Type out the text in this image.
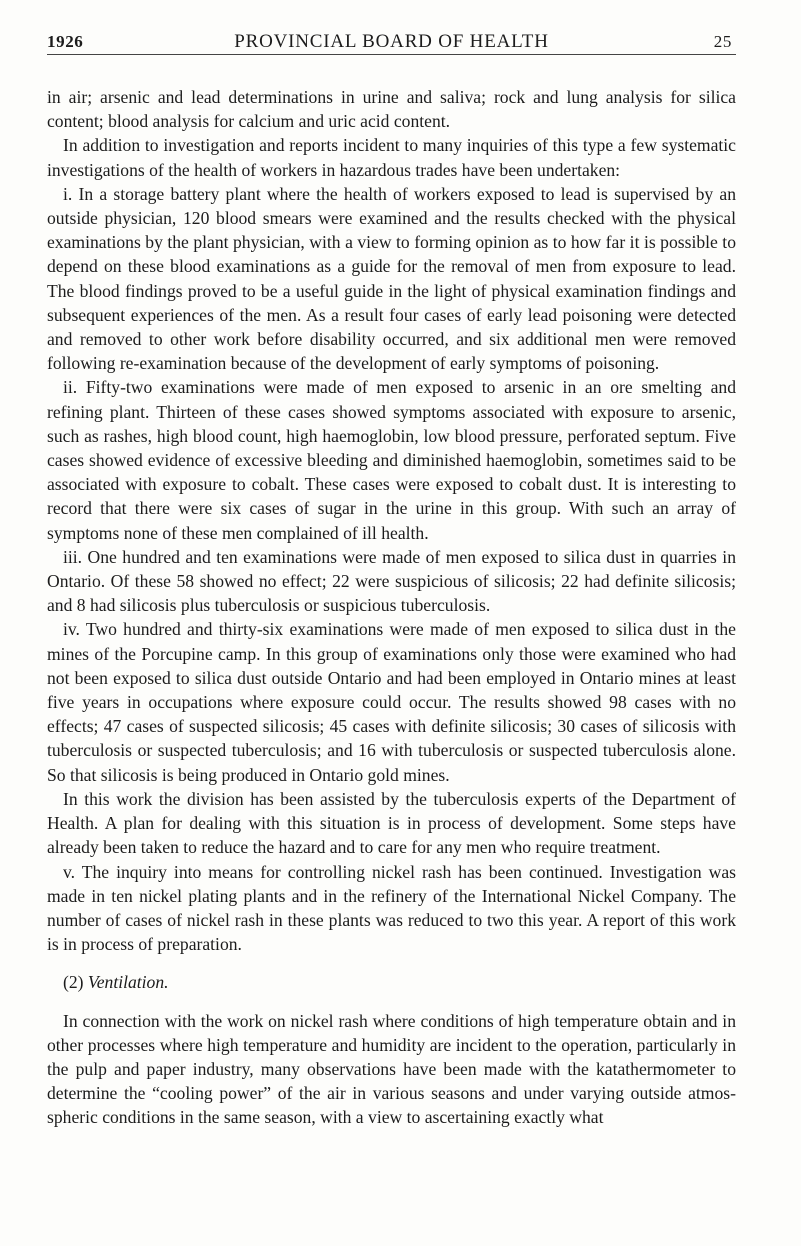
1926	PROVINCIAL BOARD OF HEALTH	25

in air; arsenic and lead determinations in urine and saliva; rock and lung analysis for silica content; blood analysis for calcium and uric acid content.

In addition to investigation and reports incident to many inquiries of this type a few systematic investigations of the health of workers in hazardous trades have been undertaken:

i. In a storage battery plant where the health of workers exposed to lead is supervised by an outside physician, 120 blood smears were examined and the results checked with the physical examinations by the plant physician, with a view to forming opinion as to how far it is possible to depend on these blood examinations as a guide for the removal of men from exposure to lead. The blood findings proved to be a useful guide in the light of physical examination findings and subsequent experiences of the men. As a result four cases of early lead poisoning were detected and removed to other work before disability occurred, and six additional men were removed following re-examination because of the development of early symptoms of poisoning.

ii. Fifty-two examinations were made of men exposed to arsenic in an ore smelting and refining plant. Thirteen of these cases showed symptoms associated with exposure to arsenic, such as rashes, high blood count, high haemoglobin, low blood pressure, perforated septum. Five cases showed evidence of excessive bleeding and diminished haemoglobin, sometimes said to be associated with exposure to cobalt. These cases were exposed to cobalt dust. It is interesting to record that there were six cases of sugar in the urine in this group. With such an array of symptoms none of these men complained of ill health.

iii. One hundred and ten examinations were made of men exposed to silica dust in quarries in Ontario. Of these 58 showed no effect; 22 were suspicious of silicosis; 22 had definite silicosis; and 8 had silicosis plus tuberculosis or suspicious tuberculosis.

iv. Two hundred and thirty-six examinations were made of men exposed to silica dust in the mines of the Porcupine camp. In this group of examinations only those were examined who had not been exposed to silica dust outside Ontario and had been employed in Ontario mines at least five years in occupations where exposure could occur. The results showed 98 cases with no effects; 47 cases of suspected silicosis; 45 cases with definite silicosis; 30 cases of silicosis with tuberculosis or suspected tuberculosis; and 16 with tuberculosis or suspected tuberculosis alone. So that silicosis is being produced in Ontario gold mines.

In this work the division has been assisted by the tuberculosis experts of the Department of Health. A plan for dealing with this situation is in process of development. Some steps have already been taken to reduce the hazard and to care for any men who require treatment.

v. The inquiry into means for controlling nickel rash has been continued. Investigation was made in ten nickel plating plants and in the refinery of the International Nickel Company. The number of cases of nickel rash in these plants was reduced to two this year. A report of this work is in process of preparation.

(2) Ventilation.

In connection with the work on nickel rash where conditions of high temperature obtain and in other processes where high temperature and humidity are incident to the operation, particularly in the pulp and paper industry, many observations have been made with the katathermometer to determine the “cooling power” of the air in various seasons and under varying outside atmosspheric conditions in the same season, with a view to ascertaining exactly what
